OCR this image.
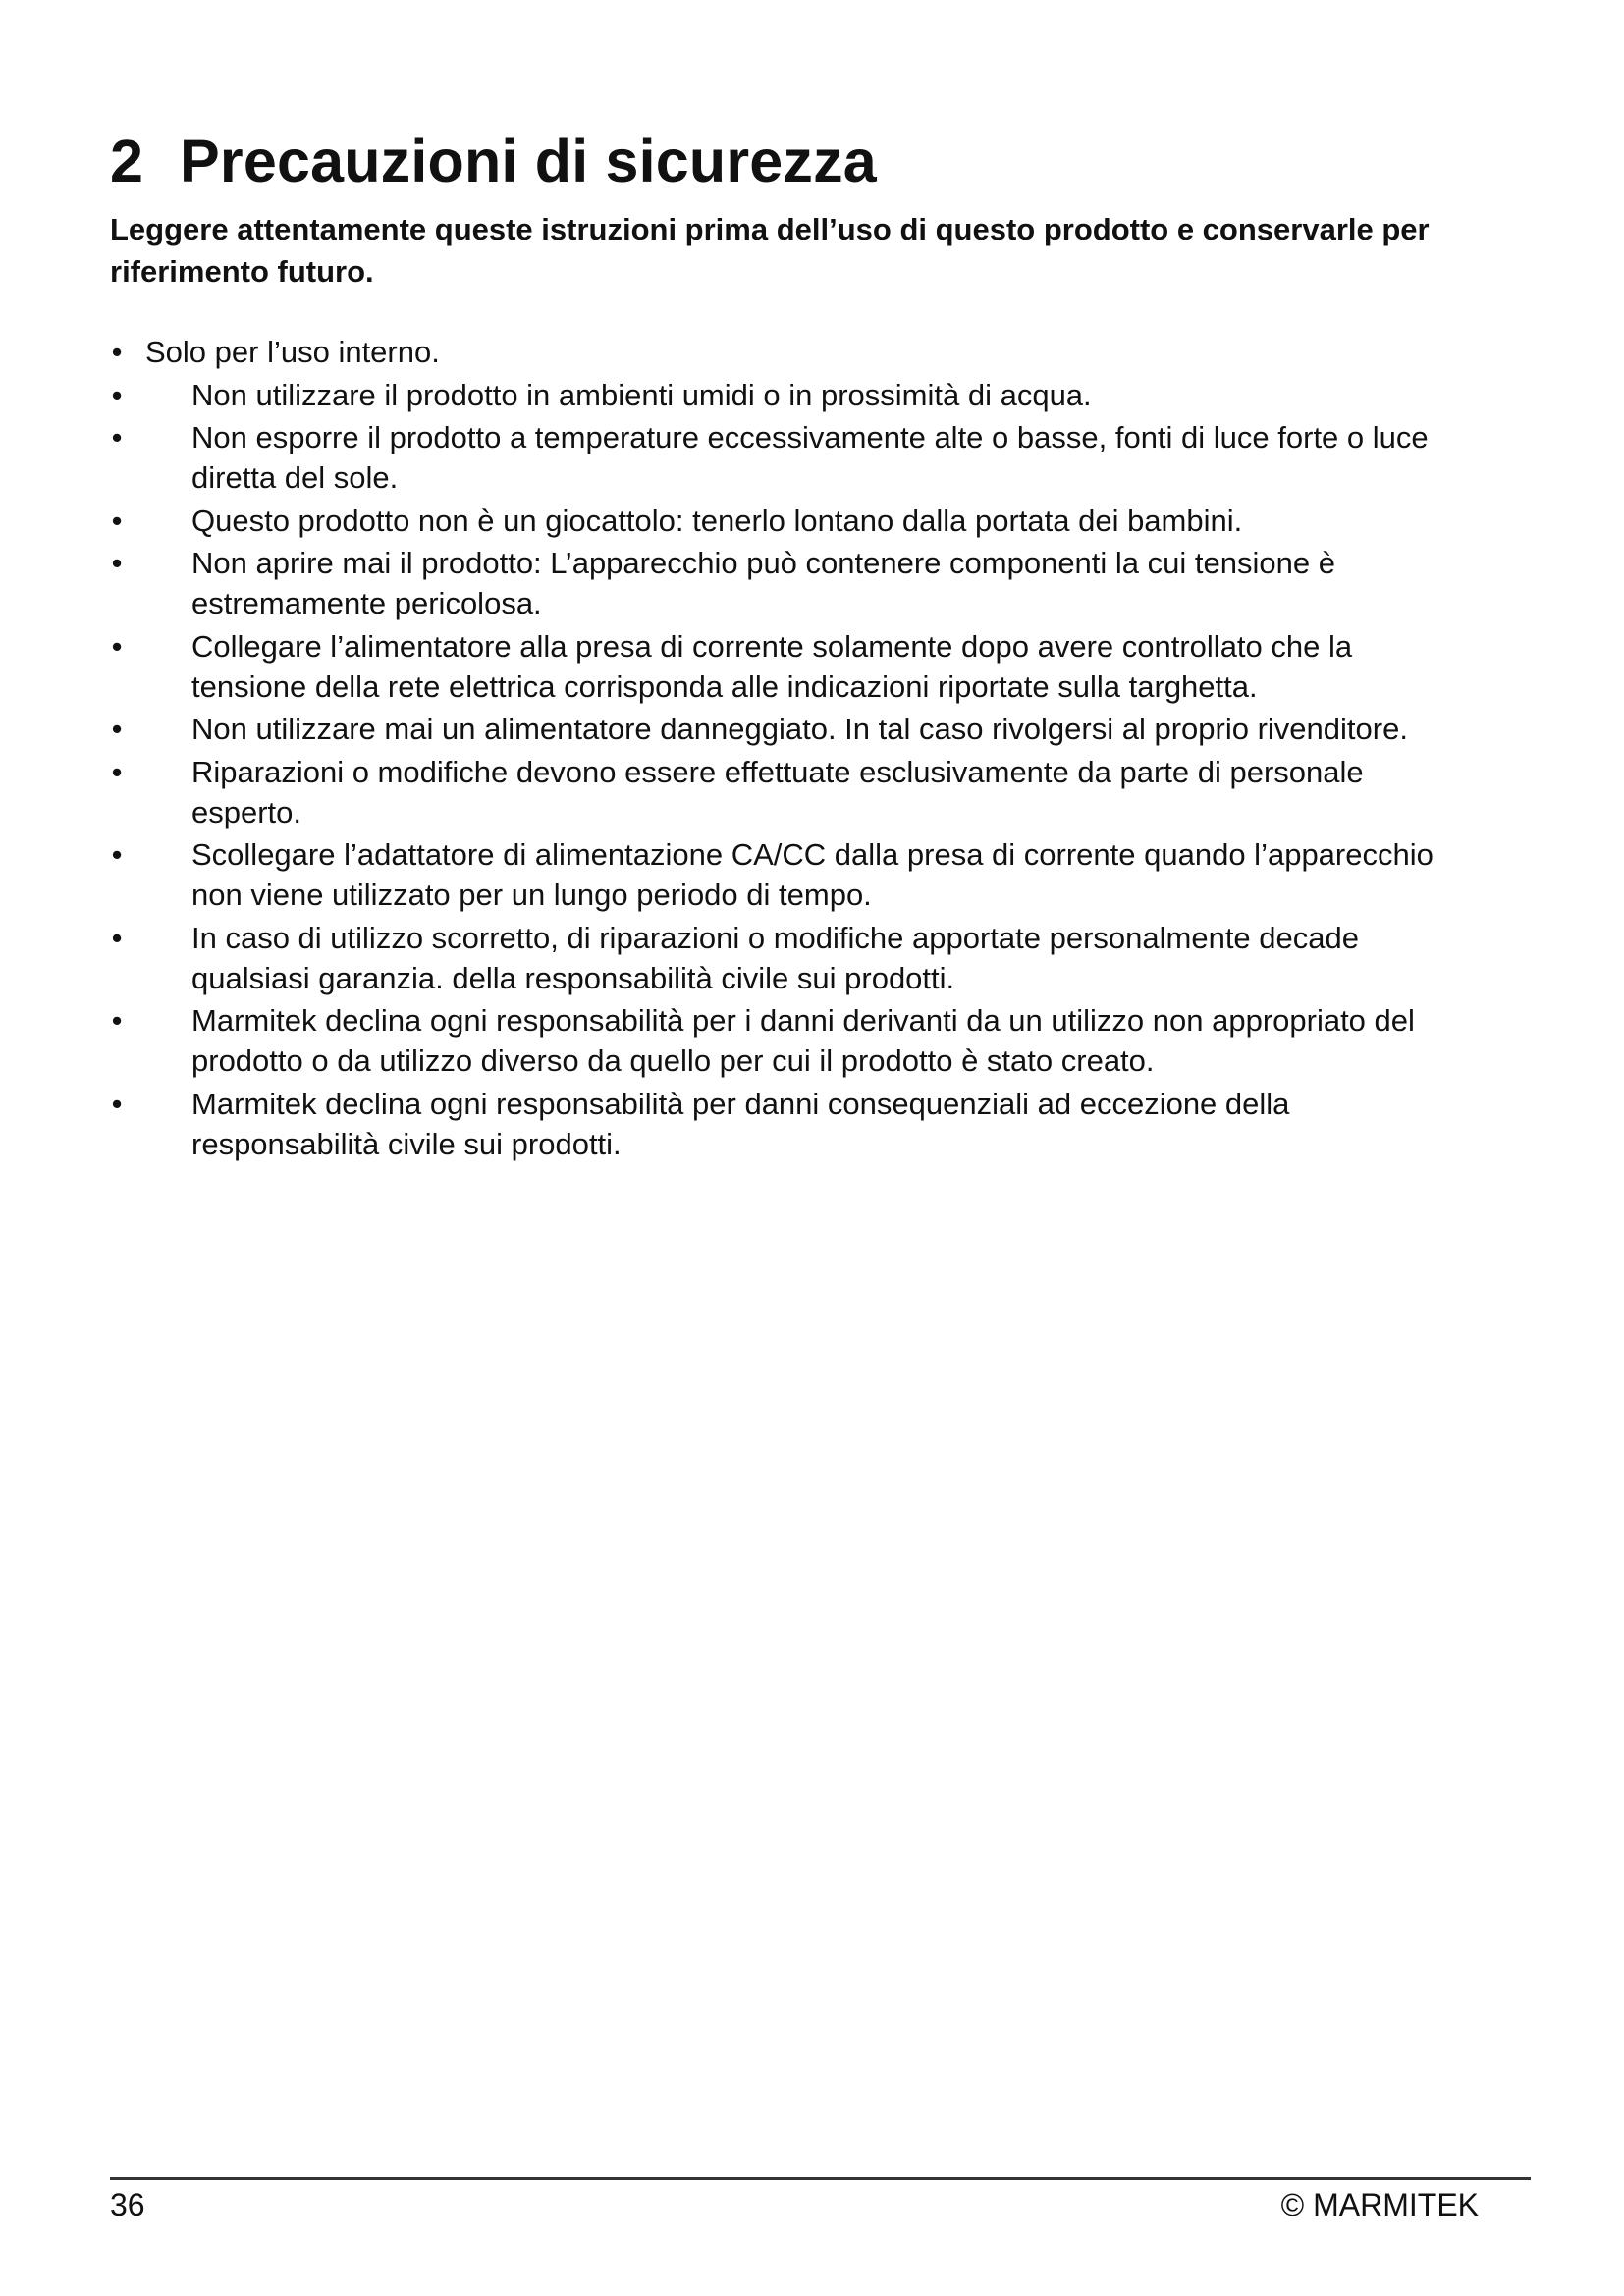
2 Precauzioni di sicurezza

Leggere attentamente queste istruzioni prima dell’uso di questo prodotto e conservarle per riferimento futuro.

• Solo per l’uso interno.
• Non utilizzare il prodotto in ambienti umidi o in prossimità di acqua.
• Non esporre il prodotto a temperature eccessivamente alte o basse, fonti di luce forte o luce diretta del sole.
• Questo prodotto non è un giocattolo: tenerlo lontano dalla portata dei bambini.
• Non aprire mai il prodotto: L’apparecchio può contenere componenti la cui tensione è estremamente pericolosa.
• Collegare l’alimentatore alla presa di corrente solamente dopo avere controllato che la tensione della rete elettrica corrisponda alle indicazioni riportate sulla targhetta.
• Non utilizzare mai un alimentatore danneggiato. In tal caso rivolgersi al proprio rivenditore.
• Riparazioni o modifiche devono essere effettuate esclusivamente da parte di personale esperto.
• Scollegare l’adattatore di alimentazione CA/CC dalla presa di corrente quando l’apparecchio non viene utilizzato per un lungo periodo di tempo.
• In caso di utilizzo scorretto, di riparazioni o modifiche apportate personalmente decade qualsiasi garanzia. della responsabilità civile sui prodotti.
• Marmitek declina ogni responsabilità per i danni derivanti da un utilizzo non appropriato del prodotto o da utilizzo diverso da quello per cui il prodotto è stato creato.
• Marmitek declina ogni responsabilità per danni consequenziali ad eccezione della responsabilità civile sui prodotti.
36	© MARMITEK
